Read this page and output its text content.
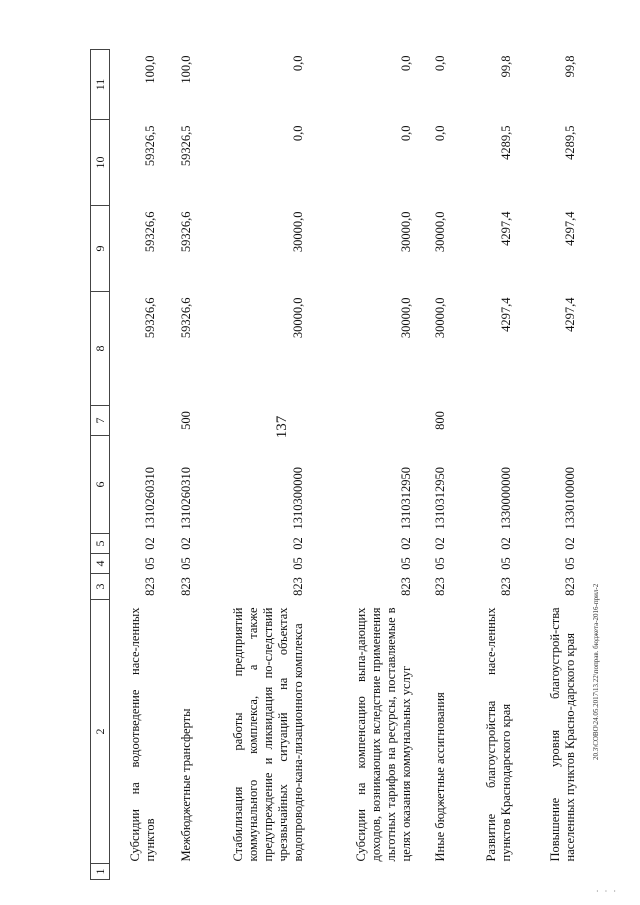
137
20.3\СОВО\24.05.2017\13.22\поправ. бюджета-2016-прил-2
· · ·
1	2	3	4	5	6	7	8	9	10	11
	Субсидии на водоотведение насе-ленных пунктов	823	05	02	1310260310		59326,6	59326,6	59326,5	100,0
	Межбюджетные трансферты	823	05	02	1310260310	500	59326,6	59326,6	59326,5	100,0
	Стабилизация работы предприятий коммунального комплекса, а также предупреждение и ликвидация по-следствий чрезвычайных ситуаций на объектах водопроводно-кана-лизационного комплекса	823	05	02	1310300000		30000,0	30000,0	0,0	0,0
	Субсидии на компенсацию выпа-дающих доходов, возникающих вследствие применения льготных тарифов на ресурсы, поставляемые в целях оказания коммунальных услуг	823	05	02	1310312950		30000,0	30000,0	0,0	0,0
	Иные бюджетные ассигнования	823	05	02	1310312950	800	30000,0	30000,0	0,0	0,0
	Развитие благоустройства насе-ленных пунктов Краснодарского края	823	05	02	1330000000		4297,4	4297,4	4289,5	99,8
	Повышение уровня благоустрой-ства населенных пунктов Красно-дарского края	823	05	02	1330100000		4297,4	4297,4	4289,5	99,8
